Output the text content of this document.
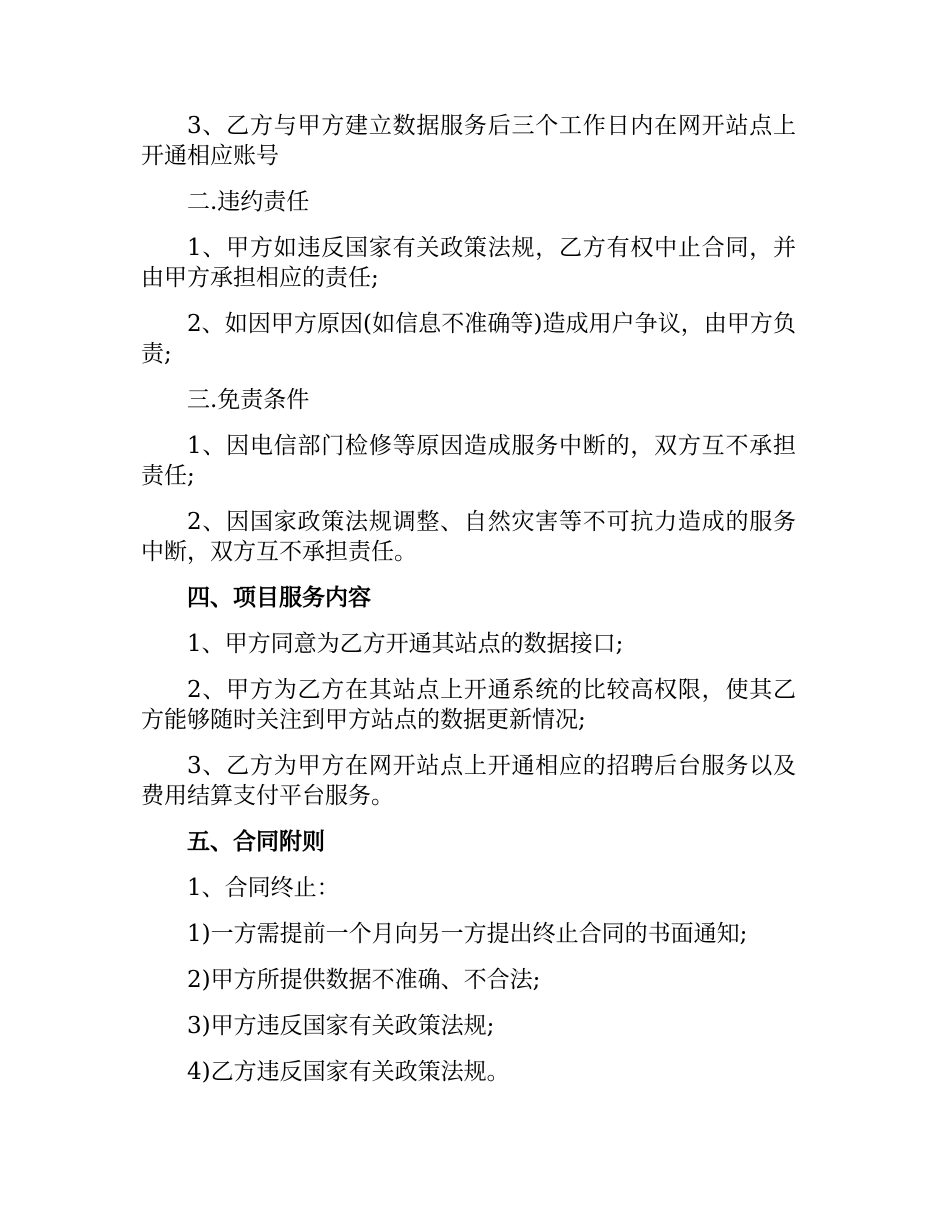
3、乙方与甲方建立数据服务后三个工作日内在网开站点上开通相应账号

二.违约责任

1、甲方如违反国家有关政策法规，乙方有权中止合同，并由甲方承担相应的责任;

2、如因甲方原因(如信息不准确等)造成用户争议，由甲方负责;

三.免责条件

1、因电信部门检修等原因造成服务中断的，双方互不承担责任;

2、因国家政策法规调整、自然灾害等不可抗力造成的服务中断，双方互不承担责任。

四、项目服务内容

1、甲方同意为乙方开通其站点的数据接口;

2、甲方为乙方在其站点上开通系统的比较高权限，使其乙方能够随时关注到甲方站点的数据更新情况;

3、乙方为甲方在网开站点上开通相应的招聘后台服务以及费用结算支付平台服务。

五、合同附则

1、合同终止：

1)一方需提前一个月向另一方提出终止合同的书面通知;

2)甲方所提供数据不准确、不合法;

3)甲方违反国家有关政策法规;

4)乙方违反国家有关政策法规。
